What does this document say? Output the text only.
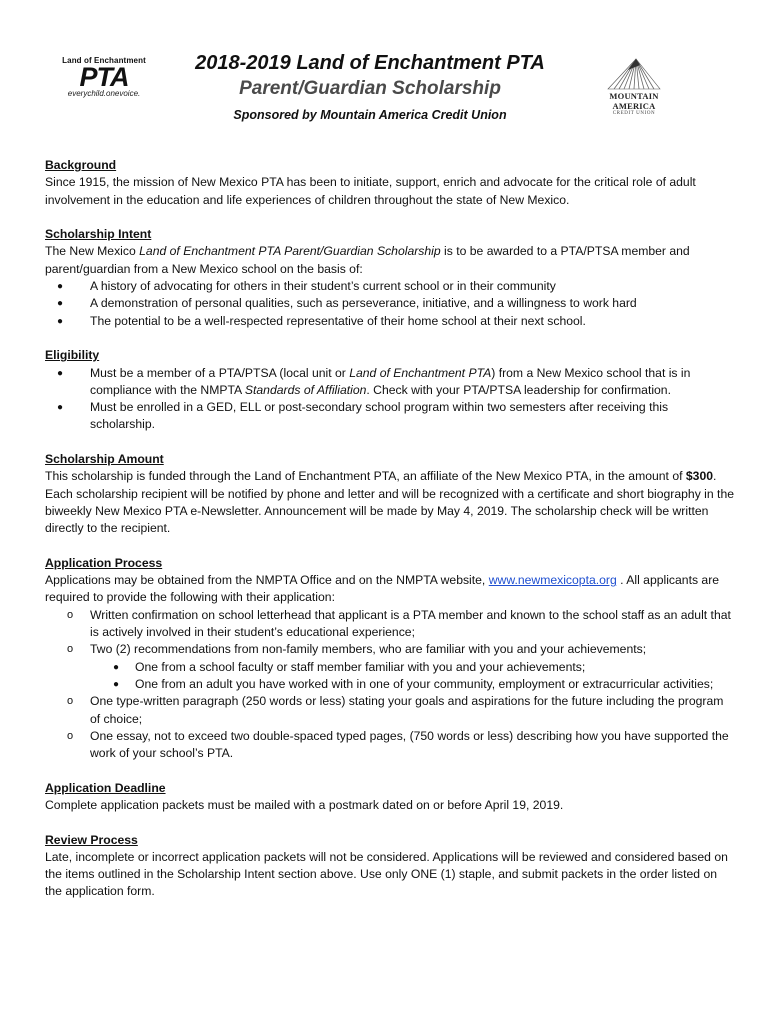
Land of Enchantment
PTA
everychild.onevoice.
2018-2019 Land of Enchantment PTA
Parent/Guardian Scholarship
Sponsored by Mountain America Credit Union
MOUNTAIN AMERICA
CREDIT UNION
Background

Since 1915, the mission of New Mexico PTA has been to initiate, support, enrich and advocate for the critical role of adult involvement in the education and life experiences of children throughout the state of New Mexico.

Scholarship Intent

The New Mexico Land of Enchantment PTA Parent/Guardian Scholarship is to be awarded to a PTA/PTSA member and parent/guardian from a New Mexico school on the basis of:

● A history of advocating for others in their student’s current school or in their community
● A demonstration of personal qualities, such as perseverance, initiative, and a willingness to work hard
● The potential to be a well-respected representative of their home school at their next school.
Eligibility
● Must be a member of a PTA/PTSA (local unit or Land of Enchantment PTA) from a New Mexico school that is in compliance with the NMPTA Standards of Affiliation. Check with your PTA/PTSA leadership for confirmation.
● Must be enrolled in a GED, ELL or post-secondary school program within two semesters after receiving this scholarship.
Scholarship Amount

This scholarship is funded through the Land of Enchantment PTA, an affiliate of the New Mexico PTA, in the amount of $300. Each scholarship recipient will be notified by phone and letter and will be recognized with a certificate and short biography in the biweekly New Mexico PTA e-Newsletter. Announcement will be made by May 4, 2019. The scholarship check will be written directly to the recipient.

Application Process

Applications may be obtained from the NMPTA Office and on the NMPTA website, www.newmexicopta.org . All applicants are required to provide the following with their application:

o Written confirmation on school letterhead that applicant is a PTA member and known to the school staff as an adult that is actively involved in their student’s educational experience;
o Two (2) recommendations from non-family members, who are familiar with you and your achievements;
● One from a school faculty or staff member familiar with you and your achievements;
● One from an adult you have worked with in one of your community, employment or extracurricular activities;
o One type-written paragraph (250 words or less) stating your goals and aspirations for the future including the program of choice;
o One essay, not to exceed two double-spaced typed pages, (750 words or less) describing how you have supported the work of your school’s PTA.
Application Deadline

Complete application packets must be mailed with a postmark dated on or before April 19, 2019.

Review Process

Late, incomplete or incorrect application packets will not be considered. Applications will be reviewed and considered based on the items outlined in the Scholarship Intent section above. Use only ONE (1) staple, and submit packets in the order listed on the application form.
